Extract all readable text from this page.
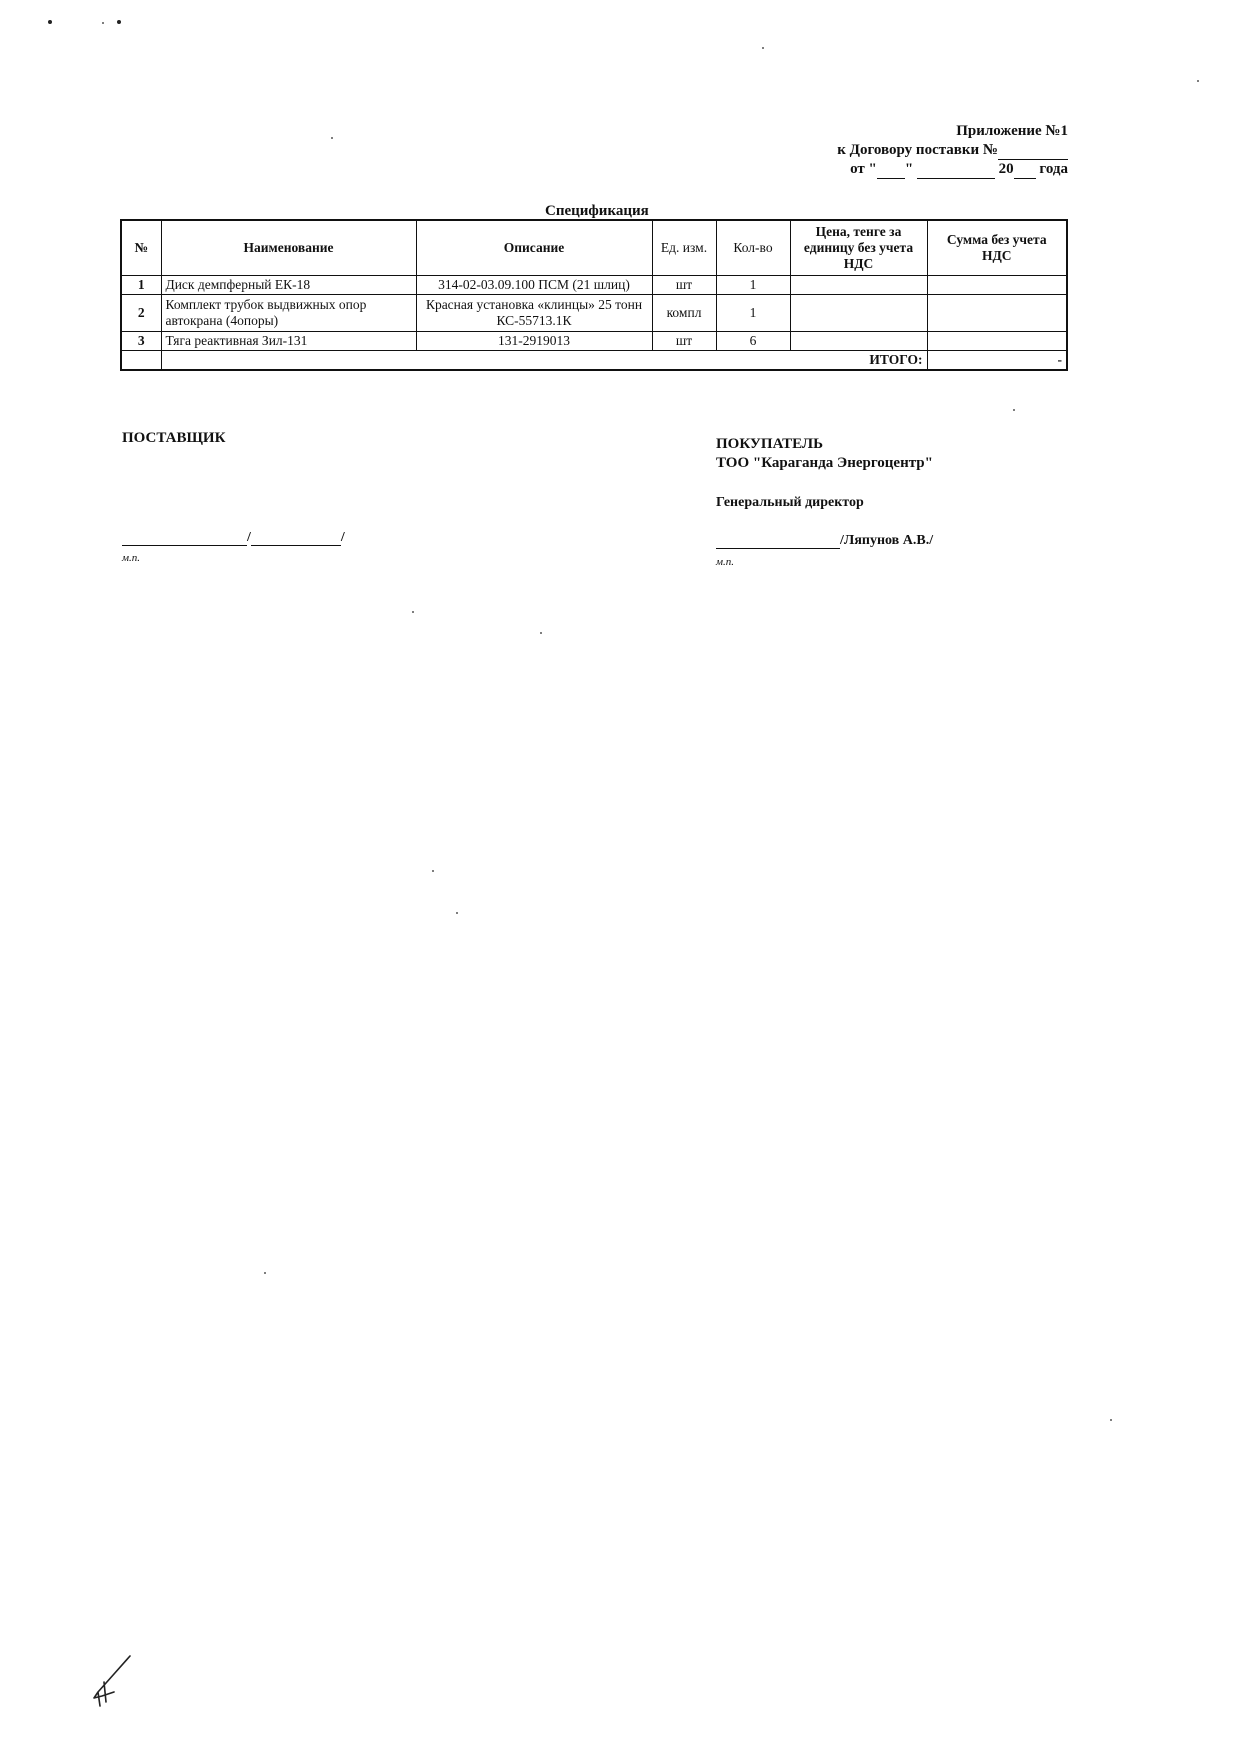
Приложение №1
к Договору поставки №
от " "	20 года
Спецификация
№	Наименование	Описание	Ед. изм.	Кол-во	Цена, тенге за единицу без учета НДС	Сумма без учета НДС
1	Диск демпферный ЕК-18	314-02-03.09.100 ПСМ (21 шлиц)	шт	1		
2	Комплект трубок выдвижных опор автокрана (4опоры)	Красная установка «клинцы» 25 тонн КС-55713.1К	компл	1		
3	Тяга реактивная Зил-131	131-2919013	шт	6		
	ИТОГО:					-
ПОСТАВЩИК
/	/
м.п.
ПОКУПАТЕЛЬ
ТОО "Караганда Энергоцентр"
Генеральный директор
/Ляпунов А.В./
м.п.
